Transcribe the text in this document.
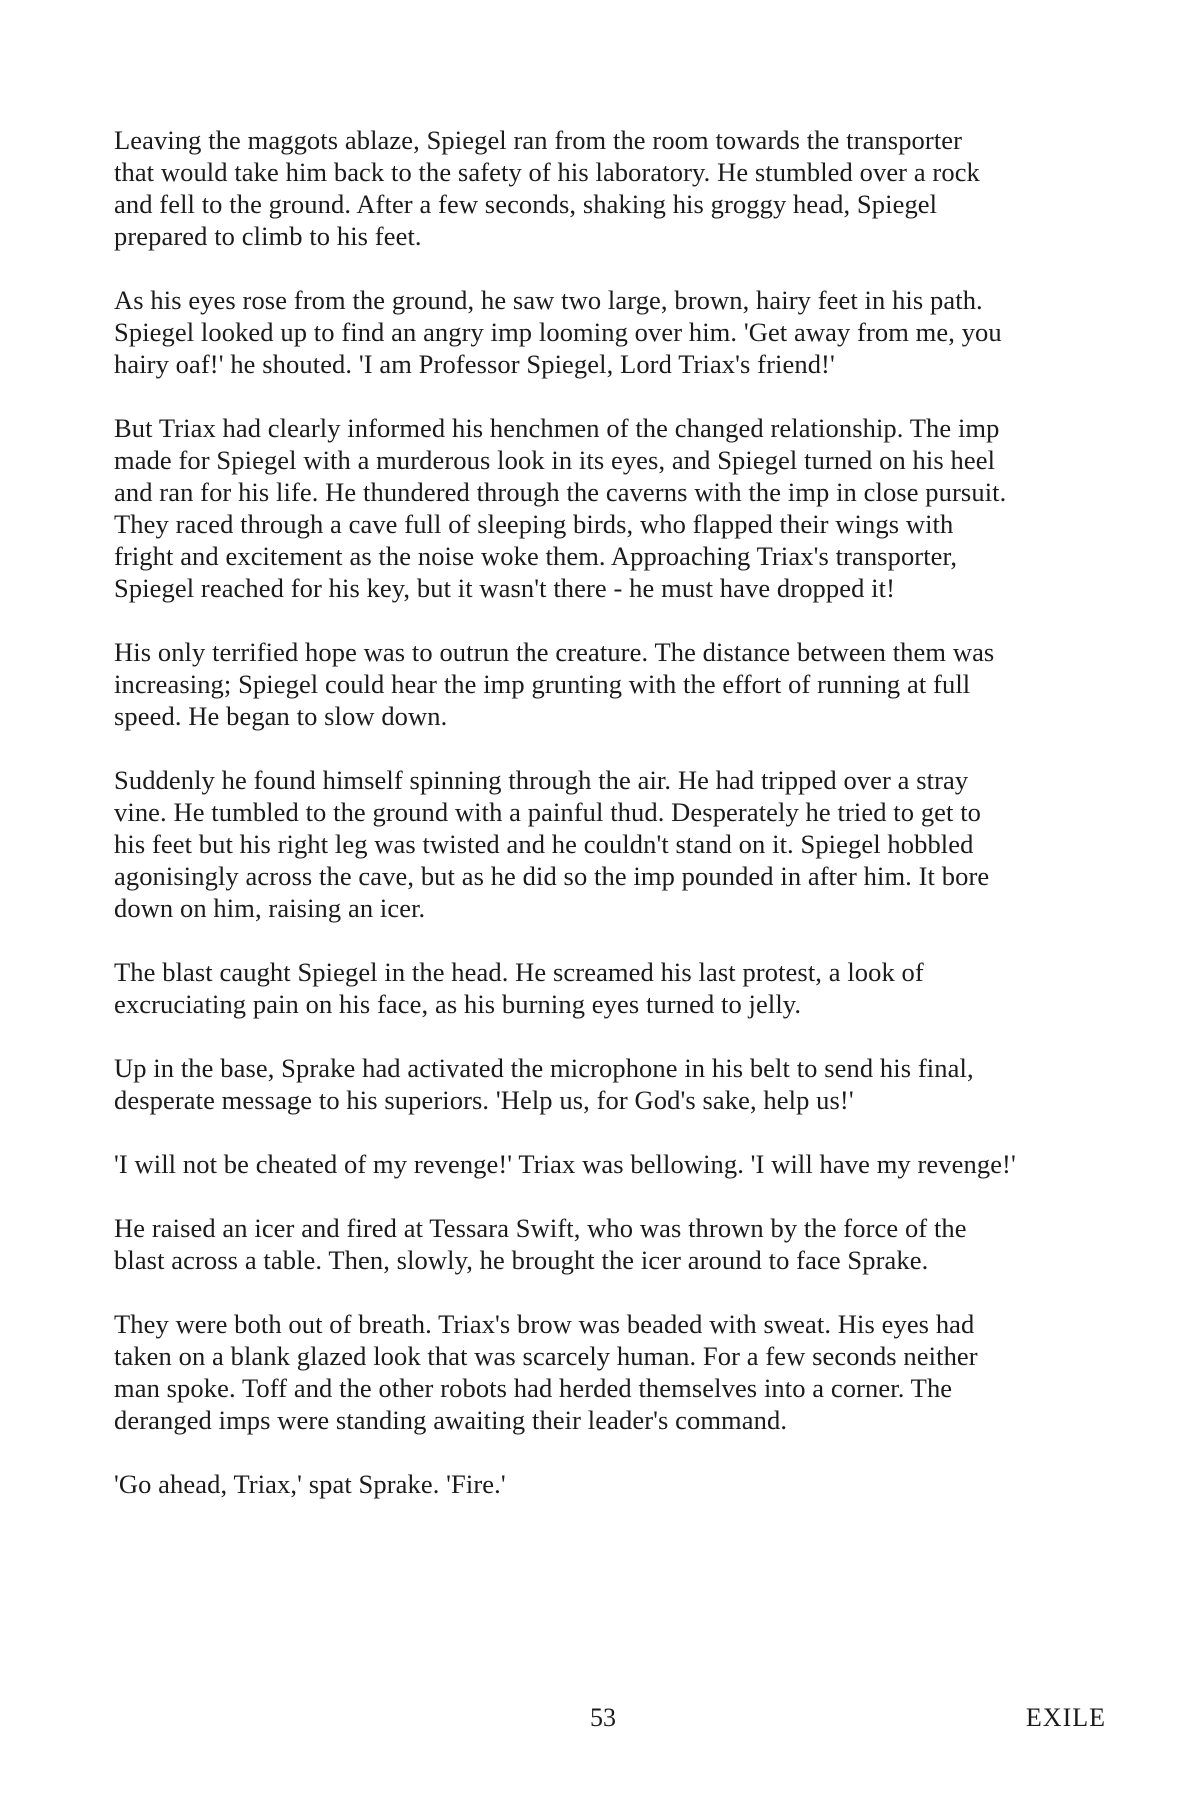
Leaving the maggots ablaze, Spiegel ran from the room towards the transporter
that would take him back to the safety of his laboratory. He stumbled over a rock
and fell to the ground. After a few seconds, shaking his groggy head, Spiegel
prepared to climb to his feet.

As his eyes rose from the ground, he saw two large, brown, hairy feet in his path.
Spiegel looked up to find an angry imp looming over him. 'Get away from me, you
hairy oaf!' he shouted. 'I am Professor Spiegel, Lord Triax's friend!'

But Triax had clearly informed his henchmen of the changed relationship. The imp
made for Spiegel with a murderous look in its eyes, and Spiegel turned on his heel
and ran for his life. He thundered through the caverns with the imp in close pursuit.
They raced through a cave full of sleeping birds, who flapped their wings with
fright and excitement as the noise woke them. Approaching Triax's transporter,
Spiegel reached for his key, but it wasn't there - he must have dropped it!

His only terrified hope was to outrun the creature. The distance between them was
increasing; Spiegel could hear the imp grunting with the effort of running at full
speed. He began to slow down.

Suddenly he found himself spinning through the air. He had tripped over a stray
vine. He tumbled to the ground with a painful thud. Desperately he tried to get to
his feet but his right leg was twisted and he couldn't stand on it. Spiegel hobbled
agonisingly across the cave, but as he did so the imp pounded in after him. It bore
down on him, raising an icer.

The blast caught Spiegel in the head. He screamed his last protest, a look of
excruciating pain on his face, as his burning eyes turned to jelly.

Up in the base, Sprake had activated the microphone in his belt to send his final,
desperate message to his superiors. 'Help us, for God's sake, help us!'

'I will not be cheated of my revenge!' Triax was bellowing. 'I will have my revenge!'

He raised an icer and fired at Tessara Swift, who was thrown by the force of the
blast across a table. Then, slowly, he brought the icer around to face Sprake.

They were both out of breath. Triax's brow was beaded with sweat. His eyes had
taken on a blank glazed look that was scarcely human. For a few seconds neither
man spoke. Toff and the other robots had herded themselves into a corner. The
deranged imps were standing awaiting their leader's command.

'Go ahead, Triax,' spat Sprake. 'Fire.'

53	EXILE
